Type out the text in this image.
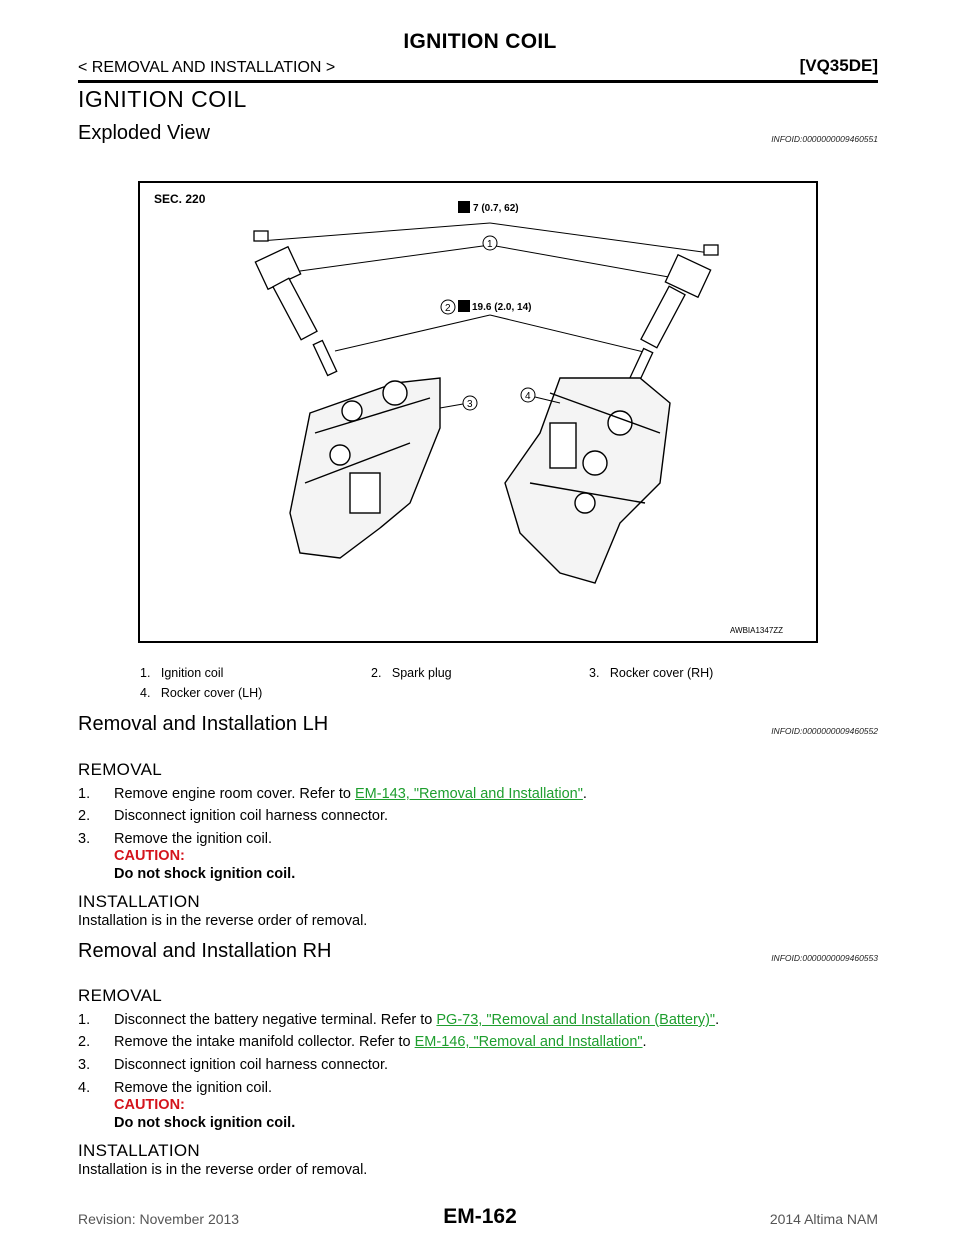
IGNITION COIL
< REMOVAL AND INSTALLATION >	[VQ35DE]
IGNITION COIL
Exploded View	INFOID:0000000009460551
SEC. 220
7 (0.7, 62)
1
2 19.6 (2.0, 14)
3
4
AWBIA1347ZZ
1. Ignition coil	2. Spark plug	3. Rocker cover (RH)
4. Rocker cover (LH)
Removal and Installation LH	INFOID:0000000009460552
REMOVAL
1. Remove engine room cover. Refer to EM-143, "Removal and Installation".
2. Disconnect ignition coil harness connector.
3. Remove the ignition coil.
CAUTION:
Do not shock ignition coil.
INSTALLATION
Installation is in the reverse order of removal.
Removal and Installation RH	INFOID:0000000009460553
REMOVAL
1. Disconnect the battery negative terminal. Refer to PG-73, "Removal and Installation (Battery)".
2. Remove the intake manifold collector. Refer to EM-146, "Removal and Installation".
3. Disconnect ignition coil harness connector.
4. Remove the ignition coil.
CAUTION:
Do not shock ignition coil.
INSTALLATION
Installation is in the reverse order of removal.
Revision: November 2013	EM-162	2014 Altima NAM
